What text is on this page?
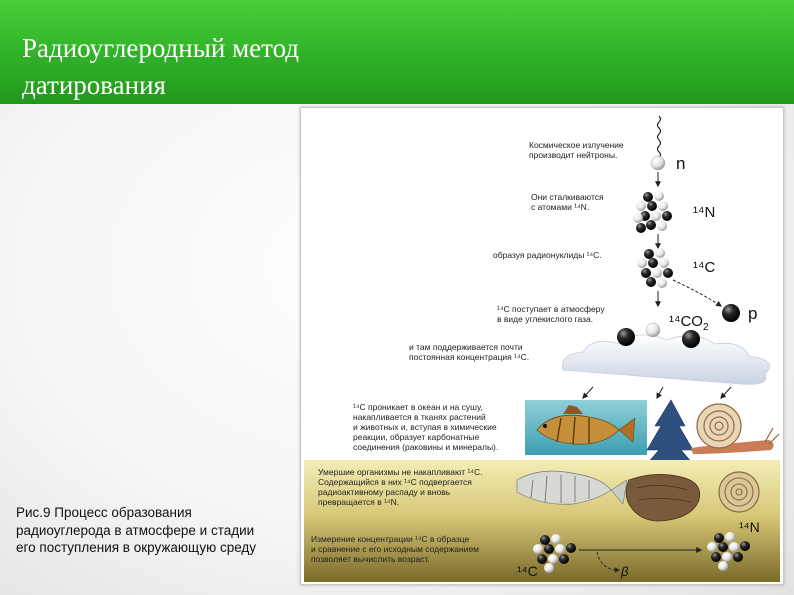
Радиоуглеродный метод
датирования
Рис.9 Процесс образования радиоуглерода в атмосфере и стадии его поступления в окружающую среду
n
Космическое излучение
производит нейтроны.
Они сталкиваются
с атомами ¹⁴N.	¹⁴N
образуя радионуклиды ¹⁴C.
¹⁴C
p
¹⁴C поступает в атмосферу
в виде углекислого газа.	$^{14}CO_2$
и там поддерживается почти
постоянная концентрация ¹⁴C.
¹⁴C проникает в океан и на сушу,
накапливается в тканях растений
и животных и, вступая в химические
реакции, образует карбонатные
соединения (раковины и минералы).
Умершие организмы не накапливают ¹⁴C.
Содержащийся в них ¹⁴C подвергается
радиоактивному распаду и вновь
превращается в ¹⁴N.
Измерение концентрации ¹⁴C в образце
и сравнение с его исходным содержанием
позволяет вычислить возраст.
¹⁴C	β
¹⁴N
